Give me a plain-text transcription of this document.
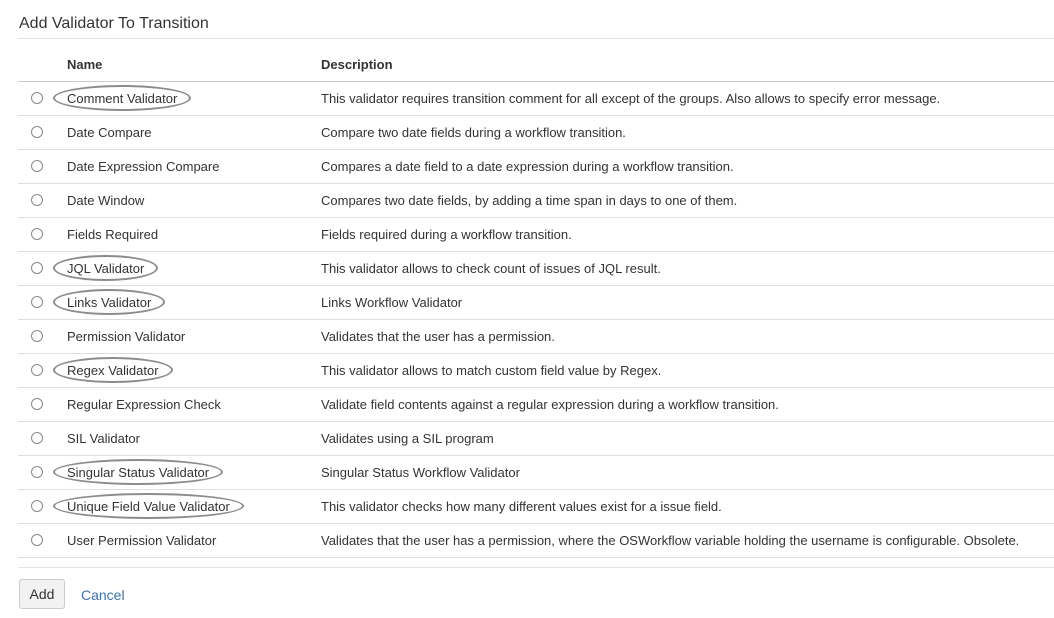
Add Validator To Transition
Name	Description
Comment Validator	This validator requires transition comment for all except of the groups. Also allows to specify error message.
Date Compare	Compare two date fields during a workflow transition.
Date Expression Compare	Compares a date field to a date expression during a workflow transition.
Date Window	Compares two date fields, by adding a time span in days to one of them.
Fields Required	Fields required during a workflow transition.
JQL Validator	This validator allows to check count of issues of JQL result.
Links Validator	Links Workflow Validator
Permission Validator	Validates that the user has a permission.
Regex Validator	This validator allows to match custom field value by Regex.
Regular Expression Check	Validate field contents against a regular expression during a workflow transition.
SIL Validator	Validates using a SIL program
Singular Status Validator	Singular Status Workflow Validator
Unique Field Value Validator	This validator checks how many different values exist for a issue field.
User Permission Validator	Validates that the user has a permission, where the OSWorkflow variable holding the username is configurable. Obsolete.
Add	Cancel
